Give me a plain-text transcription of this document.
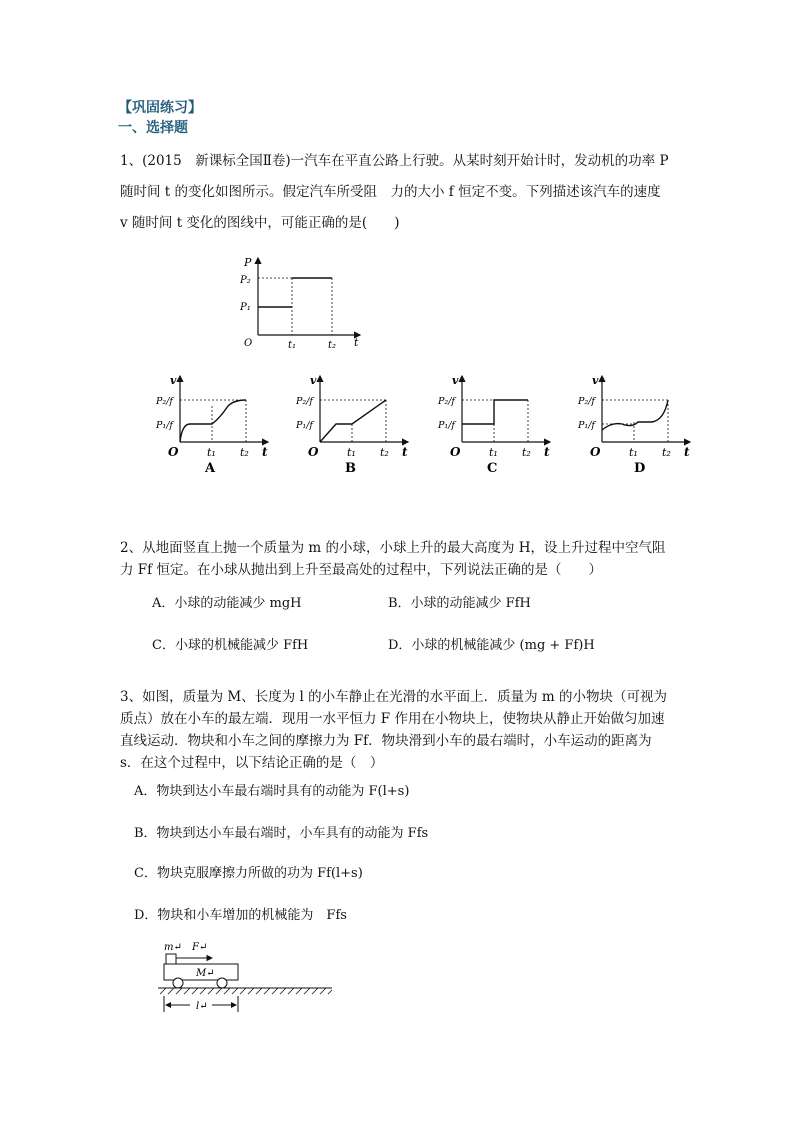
【巩固练习】
一、选择题
1、(2015　新课标全国Ⅱ卷)一汽车在平直公路上行驶。从某时刻开始计时，发动机的功率 P
随时间 t 的变化如图所示。假定汽车所受阻　力的大小 f 恒定不变。下列描述该汽车的速度
v 随时间 t 变化的图线中，可能正确的是(　　)
P
P₂
P₁
O	t₁	t₂ t
v
P₂/f
P₁/f
O	t₁ t₂ t
A
v
P₂/f
P₁/f
O	t₁ t₂ t
B
v
P₂/f
P₁/f
O	t₁ t₂ t
C
v
P₂/f
P₁/f
O	t₁ t₂ t
D
2、从地面竖直上抛一个质量为 m 的小球，小球上升的最大高度为 H，设上升过程中空气阻
力 Ff 恒定。在小球从抛出到上升至最高处的过程中，下列说法正确的是（　　）
A．小球的动能减少 mgH	B．小球的动能减少 FfH
C．小球的机械能减少 FfH	D．小球的机械能减少 (mg + Ff)H
3、如图，质量为 M、长度为 l 的小车静止在光滑的水平面上．质量为 m 的小物块（可视为
质点）放在小车的最左端．现用一水平恒力 F 作用在小物块上，使物块从静止开始做匀加速
直线运动．物块和小车之间的摩擦力为 Ff．物块滑到小车的最右端时，小车运动的距离为
s．在这个过程中，以下结论正确的是（　）
A．物块到达小车最右端时具有的动能为 F(l+s)
B．物块到达小车最右端时，小车具有的动能为 Ffs
C．物块克服摩擦力所做的功为 Ff(l+s)
D．物块和小车增加的机械能为　Ffs
m↵ F↵
M↵
l↵
